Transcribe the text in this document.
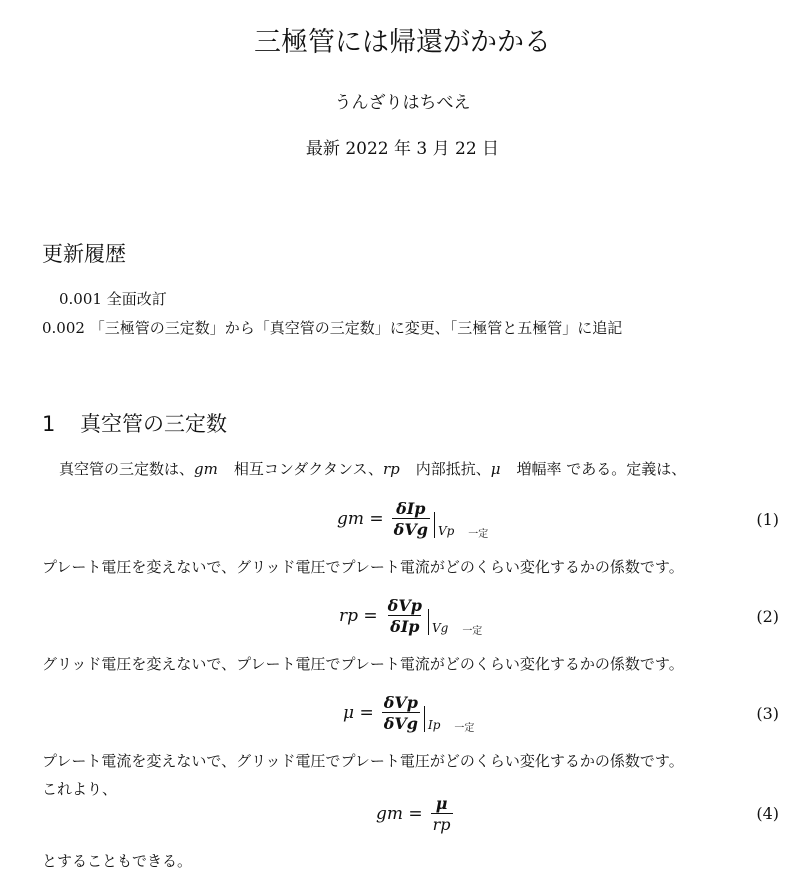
三極管には帰還がかかる
うんざりはちべえ
最新 2022 年 3 月 22 日
更新履歴
0.001 全面改訂
0.002 「三極管の三定数」から「真空管の三定数」に変更、「三極管と五極管」に追記
1 真空管の三定数
真空管の三定数は、gm 相互コンダクタンス、rp 内部抵抗、μ 増幅率 である。定義は、
gm = $\frac{\text{δIp}}{\text{δVg}}$ Vp 一定
(1)
プレート電圧を変えないで、グリッド電圧でプレート電流がどのくらい変化するかの係数です。
rp = $\frac{\text{δVp}}{\text{δIp}}$ Vg 一定
(2)
グリッド電圧を変えないで、プレート電圧でプレート電流がどのくらい変化するかの係数です。
$\mu = \frac{\text{δVp}}{\text{δVg}}$ Ip 一定
(3)
プレート電流を変えないで、グリッド電圧でプレート電圧がどのくらい変化するかの係数です。
これより、
gm = $\frac{\mu}{rp}$	(4)
とすることもできる。
